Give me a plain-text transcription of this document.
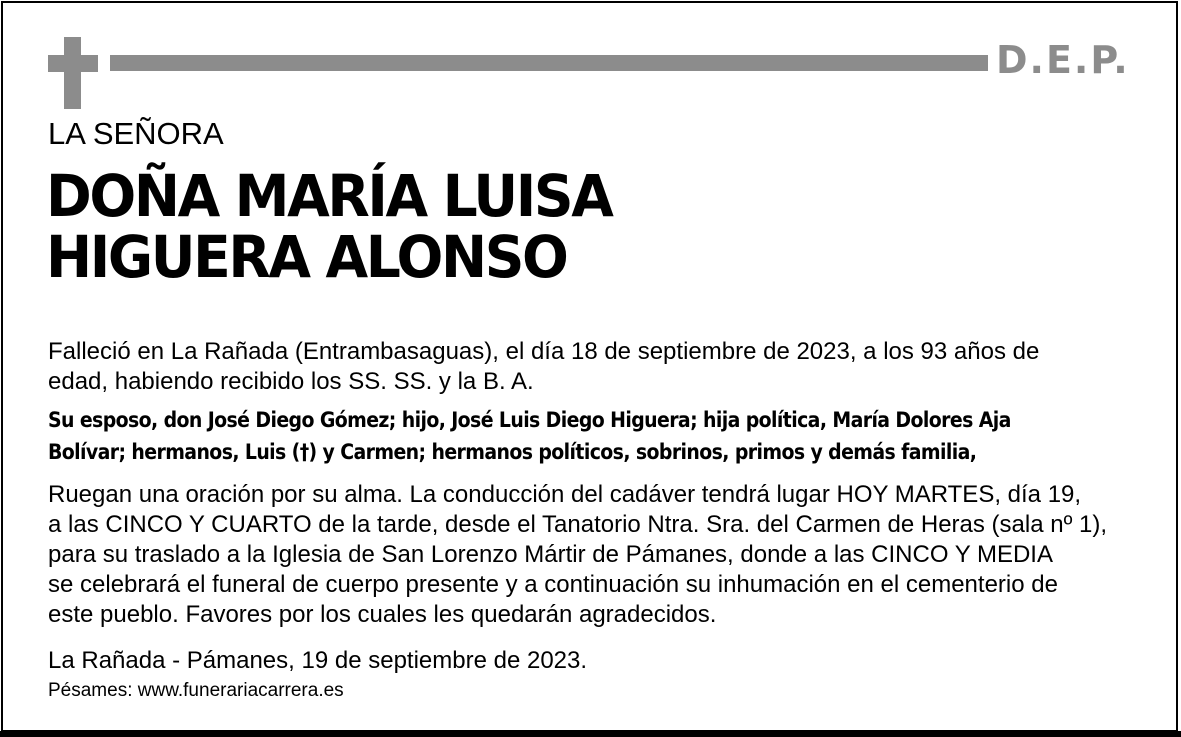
D.E.P.
LA SEÑORA
DOÑA MARÍA LUISA
HIGUERA ALONSO
Falleció en La Rañada (Entrambasaguas), el día 18 de septiembre de 2023, a los 93 años de
edad, habiendo recibido los SS. SS. y la B. A.
Su esposo, don José Diego Gómez; hijo, José Luis Diego Higuera; hija política, María Dolores Aja
Bolívar; hermanos, Luis (†) y Carmen; hermanos políticos, sobrinos, primos y demás familia,
Ruegan una oración por su alma. La conducción del cadáver tendrá lugar HOY MARTES, día 19,
a las CINCO Y CUARTO de la tarde, desde el Tanatorio Ntra. Sra. del Carmen de Heras (sala nº 1),
para su traslado a la Iglesia de San Lorenzo Mártir de Pámanes, donde a las CINCO Y MEDIA
se celebrará el funeral de cuerpo presente y a continuación su inhumación en el cementerio de
este pueblo. Favores por los cuales les quedarán agradecidos.
La Rañada - Pámanes, 19 de septiembre de 2023.
Pésames: www.funerariacarrera.es
